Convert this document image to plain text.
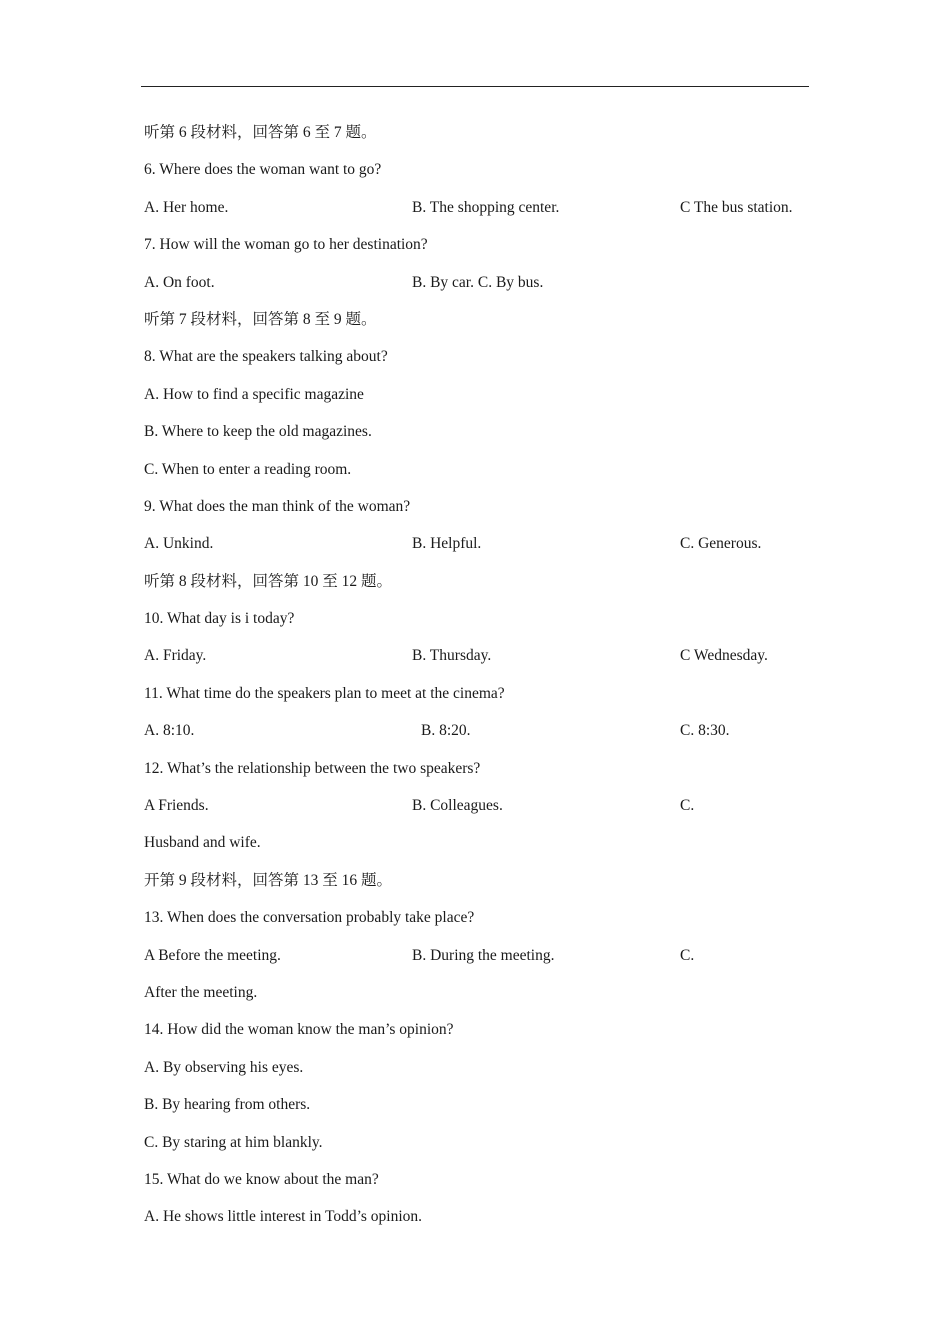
听第 6 段材料，回答第 6 至 7 题。
6. Where does the woman want to go?
A. Her home.	B. The shopping center.	C The bus station.
7. How will the woman go to her destination?
A. On foot.	B. By car. C. By bus.
听第 7 段材料，回答第 8 至 9 题。
8. What are the speakers talking about?
A. How to find a specific magazine
B. Where to keep the old magazines.
C. When to enter a reading room.
9. What does the man think of the woman?
A. Unkind.	B. Helpful.	C. Generous.
听第 8 段材料，回答第 10 至 12 题。
10. What day is i today?
A. Friday.	B. Thursday.	C Wednesday.
11. What time do the speakers plan to meet at the cinema?
A. 8:10.	B. 8:20.	C. 8:30.
12. What’s the relationship between the two speakers?
A Friends.	B. Colleagues.	C.
Husband and wife.
开第 9 段材料，回答第 13 至 16 题。
13. When does the conversation probably take place?
A Before the meeting.	B. During the meeting.	C.
After the meeting.
14. How did the woman know the man’s opinion?
A. By observing his eyes.
B. By hearing from others.
C. By staring at him blankly.
15. What do we know about the man?
A. He shows little interest in Todd’s opinion.
